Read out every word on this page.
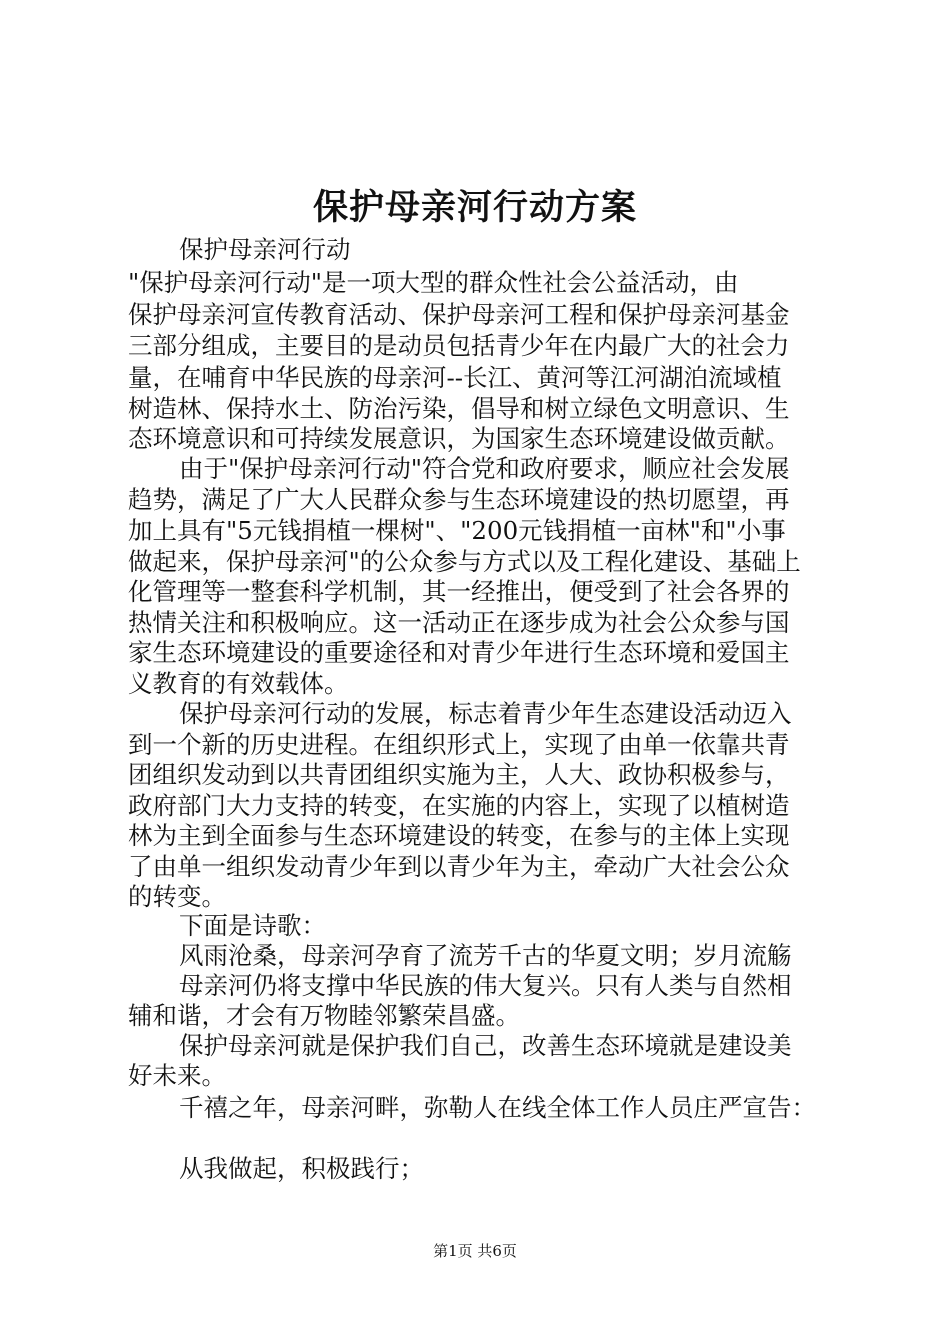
保护母亲河行动方案
保护母亲河行动
"保护母亲河行动"是一项大型的群众性社会公益活动，由
保护母亲河宣传教育活动、保护母亲河工程和保护母亲河基金
三部分组成，主要目的是动员包括青少年在内最广大的社会力
量，在哺育中华民族的母亲河--长江、黄河等江河湖泊流域植
树造林、保持水土、防治污染，倡导和树立绿色文明意识、生
态环境意识和可持续发展意识，为国家生态环境建设做贡献。
由于"保护母亲河行动"符合党和政府要求，顺应社会发展
趋势，满足了广大人民群众参与生态环境建设的热切愿望，再
加上具有"5元钱捐植一棵树"、"200元钱捐植一亩林"和"小事
做起来，保护母亲河"的公众参与方式以及工程化建设、基础上
化管理等一整套科学机制，其一经推出，便受到了社会各界的
热情关注和积极响应。这一活动正在逐步成为社会公众参与国
家生态环境建设的重要途径和对青少年进行生态环境和爱国主
义教育的有效载体。
保护母亲河行动的发展，标志着青少年生态建设活动迈入
到一个新的历史进程。在组织形式上，实现了由单一依靠共青
团组织发动到以共青团组织实施为主，人大、政协积极参与，
政府部门大力支持的转变，在实施的内容上，实现了以植树造
林为主到全面参与生态环境建设的转变，在参与的主体上实现
了由单一组织发动青少年到以青少年为主，牵动广大社会公众
的转变。
下面是诗歌：
风雨沧桑，母亲河孕育了流芳千古的华夏文明；岁月流觞
母亲河仍将支撑中华民族的伟大复兴。只有人类与自然相
辅和谐，才会有万物睦邻繁荣昌盛。
保护母亲河就是保护我们自己，改善生态环境就是建设美
好未来。
千禧之年，母亲河畔，弥勒人在线全体工作人员庄严宣告：
从我做起，积极践行；
第1页 共6页
